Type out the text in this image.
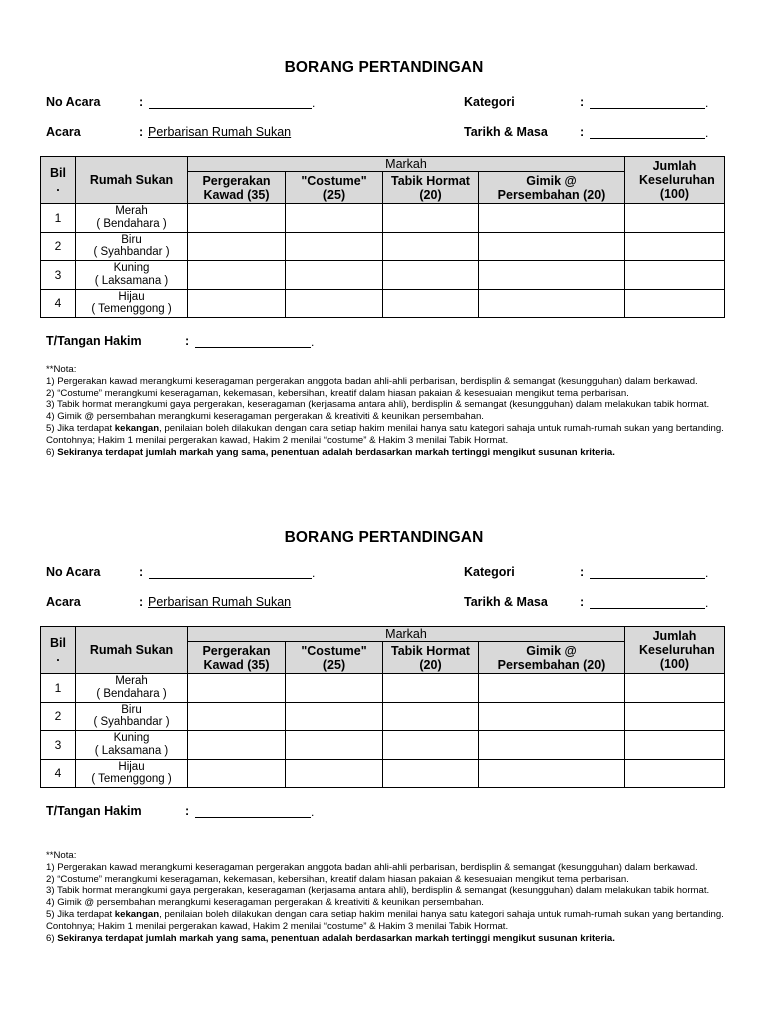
BORANG PERTANDINGAN
No Acara	:	.	Kategori	:	.
Acara	: Perbarisan Rumah Sukan	Tarikh & Masa	:	.
Bil
.	Rumah Sukan	Markah				Jumlah Keseluruhan (100)
		Pergerakan Kawad (35)	"Costume" (25)	Tabik Hormat (20)	Gimik @ Persembahan (20)	
1	Merah
( Bendahara )					
2	Biru
( Syahbandar )					
3	Kuning
( Laksamana )					
4	Hijau
( Temenggong )					
T/Tangan Hakim	:	.

**Nota:

1) Pergerakan kawad merangkumi keseragaman pergerakan anggota badan ahli-ahli perbarisan, berdisplin & semangat (kesungguhan) dalam berkawad.

2) “Costume” merangkumi keseragaman, kekemasan, kebersihan, kreatif dalam hiasan pakaian & kesesuaian mengikut tema perbarisan.

3) Tabik hormat merangkumi gaya pergerakan, keseragaman (kerjasama antara ahli), berdisplin & semangat (kesungguhan) dalam melakukan tabik hormat.

4) Gimik @ persembahan merangkumi keseragaman pergerakan & kreativiti & keunikan persembahan.

5) Jika terdapat kekangan, penilaian boleh dilakukan dengan cara setiap hakim menilai hanya satu kategori sahaja untuk rumah-rumah sukan yang bertanding. Contohnya; Hakim 1 menilai pergerakan kawad, Hakim 2 menilai “costume” & Hakim 3 menilai Tabik Hormat.

6) Sekiranya terdapat jumlah markah yang sama, penentuan adalah berdasarkan markah tertinggi mengikut susunan kriteria.

BORANG PERTANDINGAN
No Acara	:	.	Kategori	:	.
Acara	: Perbarisan Rumah Sukan	Tarikh & Masa	:	.
Bil
.	Rumah Sukan	Markah				Jumlah Keseluruhan (100)
		Pergerakan Kawad (35)	"Costume" (25)	Tabik Hormat (20)	Gimik @ Persembahan (20)	
1	Merah
( Bendahara )					
2	Biru
( Syahbandar )					
3	Kuning
( Laksamana )					
4	Hijau
( Temenggong )					
T/Tangan Hakim	:	.

**Nota:

1) Pergerakan kawad merangkumi keseragaman pergerakan anggota badan ahli-ahli perbarisan, berdisplin & semangat (kesungguhan) dalam berkawad.

2) “Costume” merangkumi keseragaman, kekemasan, kebersihan, kreatif dalam hiasan pakaian & kesesuaian mengikut tema perbarisan.

3) Tabik hormat merangkumi gaya pergerakan, keseragaman (kerjasama antara ahli), berdisplin & semangat (kesungguhan) dalam melakukan tabik hormat.

4) Gimik @ persembahan merangkumi keseragaman pergerakan & kreativiti & keunikan persembahan.

5) Jika terdapat kekangan, penilaian boleh dilakukan dengan cara setiap hakim menilai hanya satu kategori sahaja untuk rumah-rumah sukan yang bertanding. Contohnya; Hakim 1 menilai pergerakan kawad, Hakim 2 menilai “costume” & Hakim 3 menilai Tabik Hormat.

6) Sekiranya terdapat jumlah markah yang sama, penentuan adalah berdasarkan markah tertinggi mengikut susunan kriteria.
